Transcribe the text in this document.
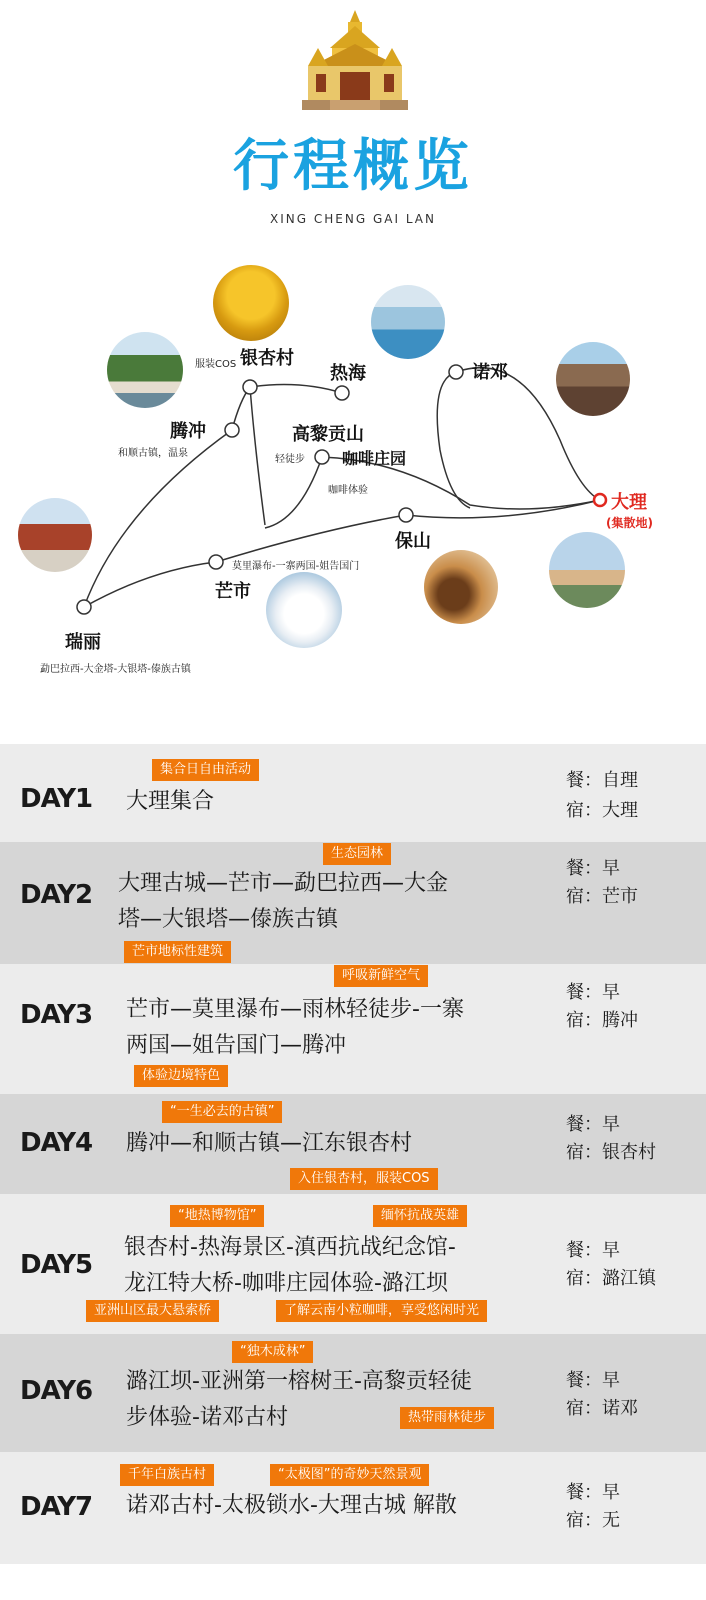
行程概览
XING CHENG GAI LAN
银杏村
服装COS	热海	诺邓
腾冲
和顺古镇，温泉
高黎贡山
轻徒步 咖啡庄园
咖啡体验
大理
(集散地)
保山
莫里瀑布-一寨两国-姐告国门
芒市
瑞丽
勐巴拉西-大金塔-大银塔-傣族古镇
DAY1
集合日自由活动
大理集合
餐：自理
宿：大理
DAY2
生态园林
大理古城—芒市—勐巴拉西—大金
塔—大银塔—傣族古镇
芒市地标性建筑
餐：早
宿：芒市
DAY3
呼吸新鲜空气
芒市—莫里瀑布—雨林轻徒步-一寨
两国—姐告国门—腾冲
体验边境特色
餐：早
宿：腾冲
DAY4
“一生必去的古镇”
腾冲—和顺古镇—江东银杏村
入住银杏村，服装COS
餐：早
宿：银杏村
DAY5
“地热博物馆”	缅怀抗战英雄
银杏村-热海景区-滇西抗战纪念馆-
龙江特大桥-咖啡庄园体验-潞江坝
亚洲山区最大悬索桥	了解云南小粒咖啡，享受悠闲时光
餐：早
宿：潞江镇
DAY6
“独木成林”
潞江坝-亚洲第一榕树王-高黎贡轻徒
步体验-诺邓古村	热带雨林徒步
餐：早
宿：诺邓
DAY7
千年白族古村	“太极图”的奇妙天然景观
诺邓古村-太极锁水-大理古城 解散
餐：早
宿：无
